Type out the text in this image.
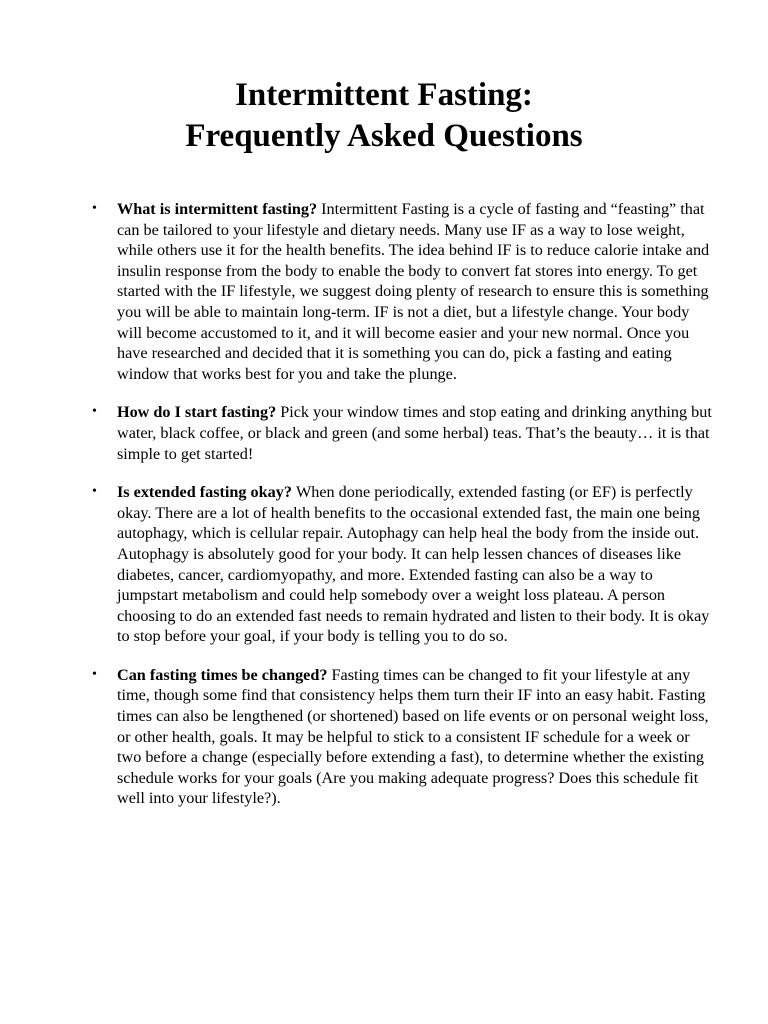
Intermittent Fasting:
Frequently Asked Questions
• What is intermittent fasting? Intermittent Fasting is a cycle of fasting and “feasting” that can be tailored to your lifestyle and dietary needs. Many use IF as a way to lose weight, while others use it for the health benefits. The idea behind IF is to reduce calorie intake and insulin response from the body to enable the body to convert fat stores into energy. To get started with the IF lifestyle, we suggest doing plenty of research to ensure this is something you will be able to maintain long-term. IF is not a diet, but a lifestyle change. Your body will become accustomed to it, and it will become easier and your new normal. Once you have researched and decided that it is something you can do, pick a fasting and eating window that works best for you and take the plunge.
• How do I start fasting? Pick your window times and stop eating and drinking anything but water, black coffee, or black and green (and some herbal) teas. That’s the beauty… it is that simple to get started!
• Is extended fasting okay? When done periodically, extended fasting (or EF) is perfectly okay. There are a lot of health benefits to the occasional extended fast, the main one being autophagy, which is cellular repair. Autophagy can help heal the body from the inside out. Autophagy is absolutely good for your body. It can help lessen chances of diseases like diabetes, cancer, cardiomyopathy, and more. Extended fasting can also be a way to jumpstart metabolism and could help somebody over a weight loss plateau. A person choosing to do an extended fast needs to remain hydrated and listen to their body. It is okay to stop before your goal, if your body is telling you to do so.
• Can fasting times be changed? Fasting times can be changed to fit your lifestyle at any time, though some find that consistency helps them turn their IF into an easy habit. Fasting times can also be lengthened (or shortened) based on life events or on personal weight loss, or other health, goals. It may be helpful to stick to a consistent IF schedule for a week or two before a change (especially before extending a fast), to determine whether the existing schedule works for your goals (Are you making adequate progress? Does this schedule fit well into your lifestyle?).
